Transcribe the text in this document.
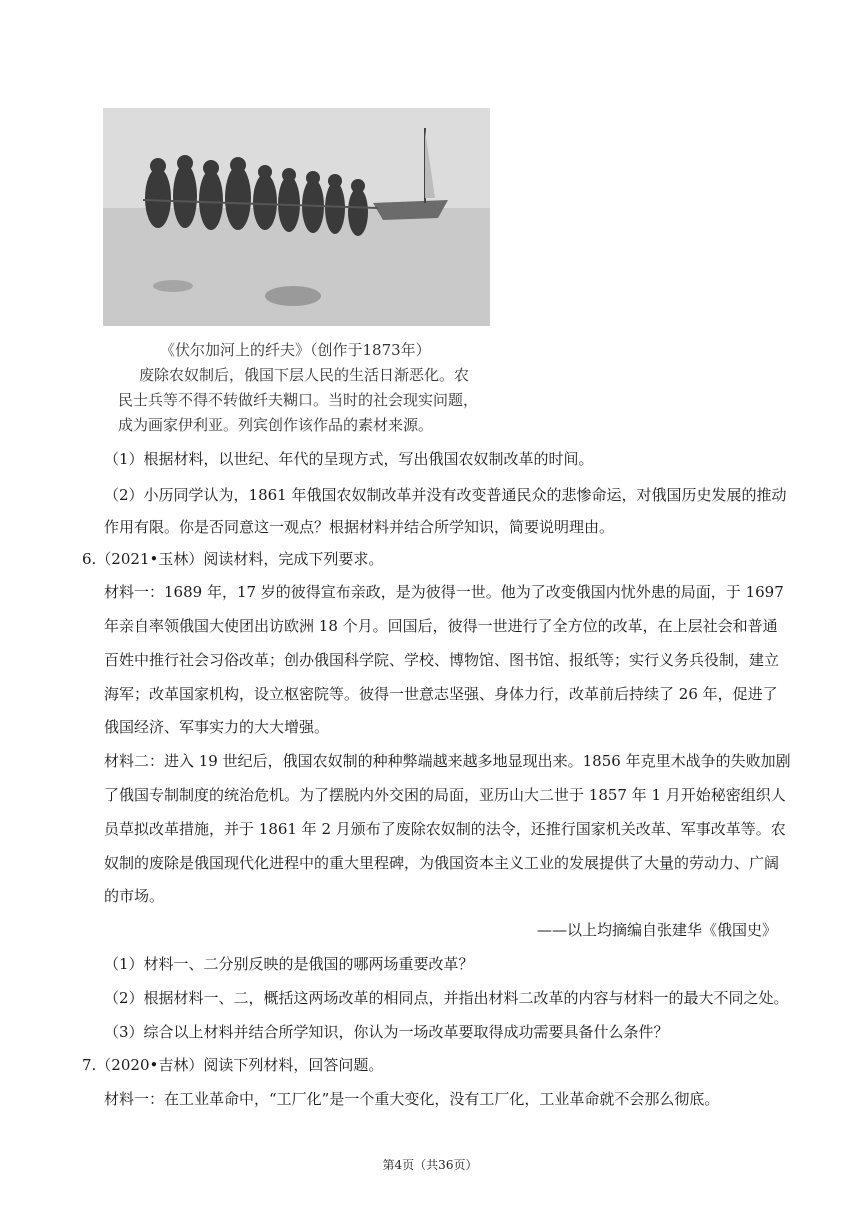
《伏尔加河上的纤夫》（创作于1873年）
废除农奴制后，俄国下层人民的生活日渐恶化。农
民士兵等不得不转做纤夫糊口。当时的社会现实问题，
成为画家伊利亚。列宾创作该作品的素材来源。
（1）根据材料，以世纪、年代的呈现方式，写出俄国农奴制改革的时间。
（2）小历同学认为，1861 年俄国农奴制改革并没有改变普通民众的悲惨命运，对俄国历史发展的推动
作用有限。你是否同意这一观点？根据材料并结合所学知识，简要说明理由。
6.（2021•玉林）阅读材料，完成下列要求。
材料一：1689 年，17 岁的彼得宣布亲政，是为彼得一世。他为了改变俄国内忧外患的局面，于 1697
年亲自率领俄国大使团出访欧洲 18 个月。回国后，彼得一世进行了全方位的改革，在上层社会和普通
百姓中推行社会习俗改革；创办俄国科学院、学校、博物馆、图书馆、报纸等；实行义务兵役制，建立
海军；改革国家机构，设立枢密院等。彼得一世意志坚强、身体力行，改革前后持续了 26 年，促进了
俄国经济、军事实力的大大增强。
材料二：进入 19 世纪后，俄国农奴制的种种弊端越来越多地显现出来。1856 年克里木战争的失败加剧
了俄国专制制度的统治危机。为了摆脱内外交困的局面，亚历山大二世于 1857 年 1 月开始秘密组织人
员草拟改革措施，并于 1861 年 2 月颁布了废除农奴制的法令，还推行国家机关改革、军事改革等。农
奴制的废除是俄国现代化进程中的重大里程碑，为俄国资本主义工业的发展提供了大量的劳动力、广阔
的市场。
——以上均摘编自张建华《俄国史》
（1）材料一、二分别反映的是俄国的哪两场重要改革？
（2）根据材料一、二，概括这两场改革的相同点，并指出材料二改革的内容与材料一的最大不同之处。
（3）综合以上材料并结合所学知识，你认为一场改革要取得成功需要具备什么条件？
7.（2020•吉林）阅读下列材料，回答问题。
材料一：在工业革命中，“工厂化”是一个重大变化，没有工厂化，工业革命就不会那么彻底。
第4页（共36页）
